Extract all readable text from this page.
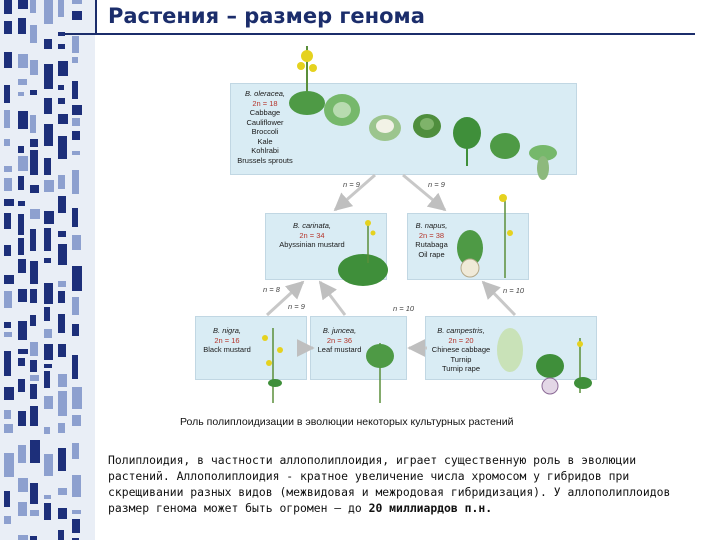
Растения – размер генома
B. oleracea,
2n = 18
Cabbage
Cauliflower
Broccoli
Kale
Kohlrabi
Brussels sprouts
B. carinata,
2n = 34
Abyssinian mustard
B. napus,
2n = 38
Rutabaga
Oil rape
B. nigra,
2n = 16
Black mustard
B. juncea,
2n = 36
Leaf mustard
B. campestris,
2n = 20
Chinese cabbage
Turnip
Turnip rape
n = 9	n = 9
n = 8
n = 9	n = 10
n = 10
Роль полиплоидизации в эволюции некоторых культурных растений
Полиплоидия, в частности аллополиплоидия, играет существенную роль в эволюции растений. Аллополиплоидия - кратное увеличение числа хромосом у гибридов при скрещивании разных видов (межвидовая и межродовая гибридизация). У аллополиплоидов размер генома может быть огромен – до 20 миллиардов п.н.
